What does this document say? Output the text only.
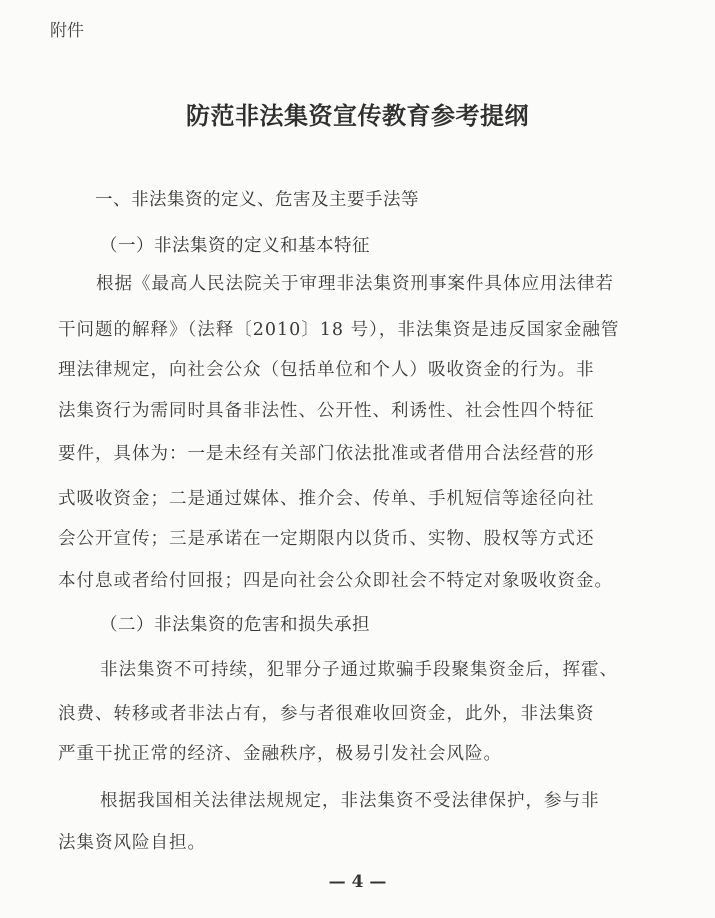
附件
防范非法集资宣传教育参考提纲
一、非法集资的定义、危害及主要手法等
（一）非法集资的定义和基本特征
根据《最高人民法院关于审理非法集资刑事案件具体应用法律若
干问题的解释》（法释〔2010〕18 号），非法集资是违反国家金融管
理法律规定，向社会公众（包括单位和个人）吸收资金的行为。非
法集资行为需同时具备非法性、公开性、利诱性、社会性四个特征
要件，具体为：一是未经有关部门依法批准或者借用合法经营的形
式吸收资金；二是通过媒体、推介会、传单、手机短信等途径向社
会公开宣传；三是承诺在一定期限内以货币、实物、股权等方式还
本付息或者给付回报；四是向社会公众即社会不特定对象吸收资金。
（二）非法集资的危害和损失承担
非法集资不可持续，犯罪分子通过欺骗手段聚集资金后，挥霍、
浪费、转移或者非法占有，参与者很难收回资金，此外，非法集资
严重干扰正常的经济、金融秩序，极易引发社会风险。
根据我国相关法律法规规定，非法集资不受法律保护，参与非
法集资风险自担。
— 4 —
